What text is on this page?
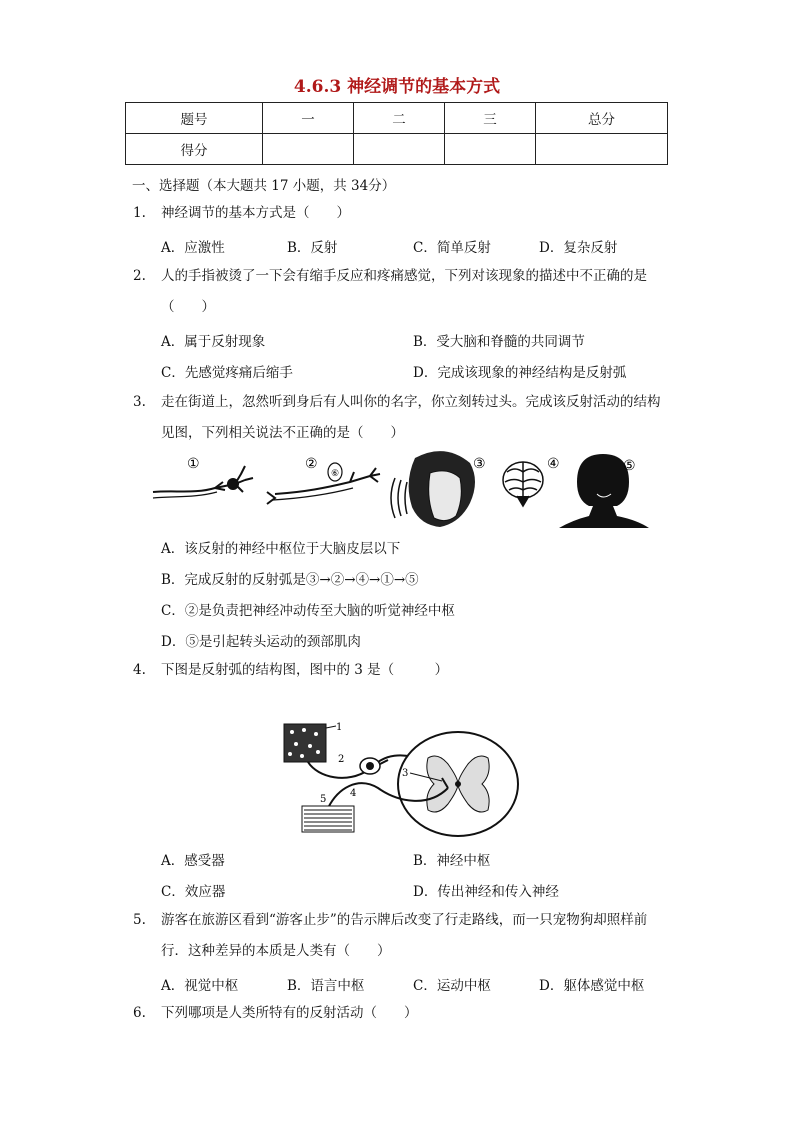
4.6.3 神经调节的基本方式
题号	一	二	三	总分
得分				
一、选择题（本大题共 17 小题，共 34分）
1.	神经调节的基本方式是（　　）
A．应激性	B．反射	C．简单反射	D．复杂反射
2.	人的手指被烫了一下会有缩手反应和疼痛感觉，下列对该现象的描述中不正确的是（　　）
A．属于反射现象	B．受大脑和脊髓的共同调节
C．先感觉疼痛后缩手	D．完成该现象的神经结构是反射弧
3.	走在街道上，忽然听到身后有人叫你的名字，你立刻转过头。完成该反射活动的结构见图，下列相关说法不正确的是（　　）
①	②
⑥
③	④	⑤
A．该反射的神经中枢位于大脑皮层以下
B．完成反射的反射弧是③→②→④→①→⑤
C．②是负责把神经冲动传至大脑的听觉神经中枢
D．⑤是引起转头运动的颈部肌肉
4.	下图是反射弧的结构图，图中的 3 是（　　　）
1
2
3
4
5
A．感受器	B．神经中枢
C．效应器	D．传出神经和传入神经
5.	游客在旅游区看到“游客止步”的告示牌后改变了行走路线，而一只宠物狗却照样前行．这种差异的本质是人类有（　　）
A．视觉中枢	B．语言中枢	C．运动中枢	D．躯体感觉中枢
6.	下列哪项是人类所特有的反射活动（　　）
